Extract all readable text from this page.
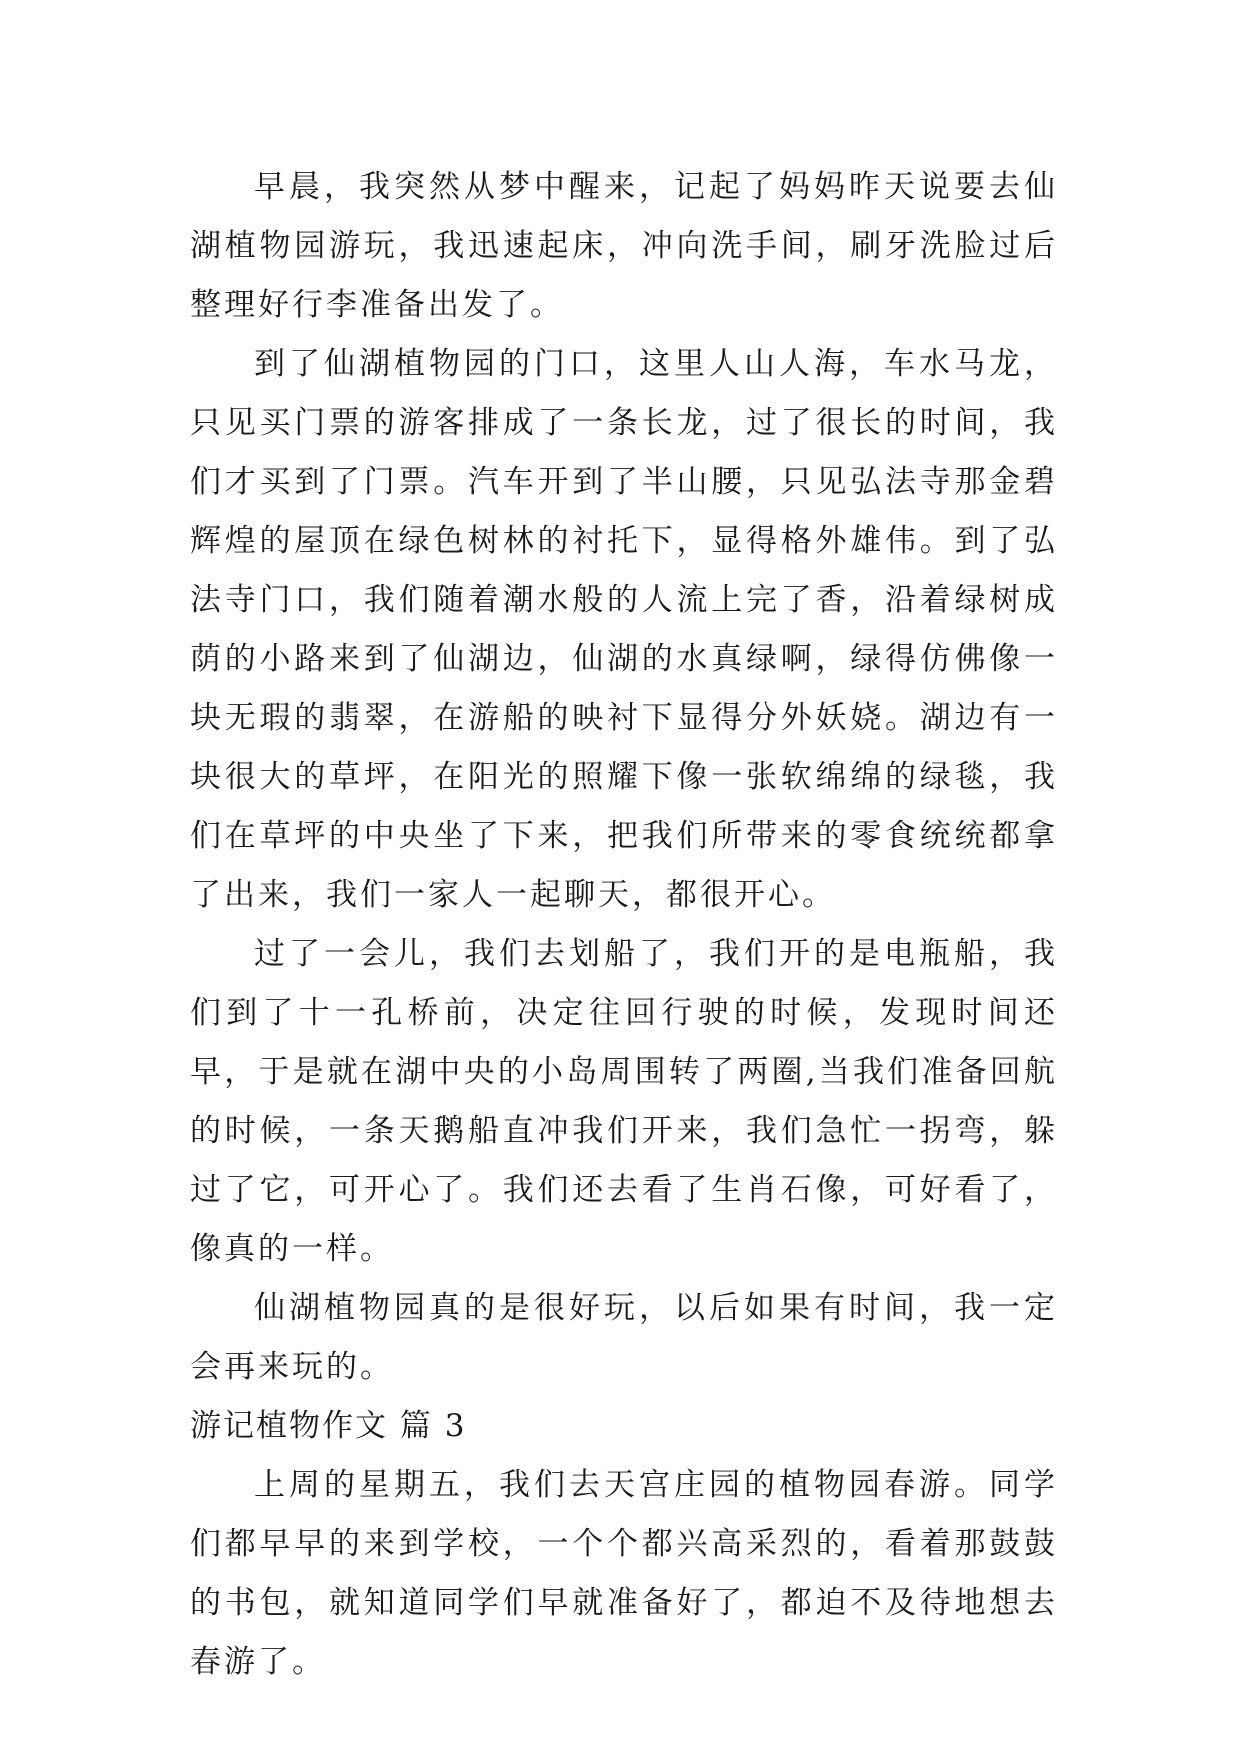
早晨，我突然从梦中醒来，记起了妈妈昨天说要去仙湖植物园游玩，我迅速起床，冲向洗手间，刷牙洗脸过后整理好行李准备出发了。

到了仙湖植物园的门口，这里人山人海，车水马龙，只见买门票的游客排成了一条长龙，过了很长的时间，我们才买到了门票。汽车开到了半山腰，只见弘法寺那金碧辉煌的屋顶在绿色树林的衬托下，显得格外雄伟。到了弘法寺门口，我们随着潮水般的人流上完了香，沿着绿树成荫的小路来到了仙湖边，仙湖的水真绿啊，绿得仿佛像一块无瑕的翡翠，在游船的映衬下显得分外妖娆。湖边有一块很大的草坪，在阳光的照耀下像一张软绵绵的绿毯，我们在草坪的中央坐了下来，把我们所带来的零食统统都拿了出来，我们一家人一起聊天，都很开心。

过了一会儿，我们去划船了，我们开的是电瓶船，我们到了十一孔桥前，决定往回行驶的时候，发现时间还早，于是就在湖中央的小岛周围转了两圈,当我们准备回航的时候，一条天鹅船直冲我们开来，我们急忙一拐弯，躲过了它，可开心了。我们还去看了生肖石像，可好看了，像真的一样。

仙湖植物园真的是很好玩，以后如果有时间，我一定会再来玩的。

游记植物作文 篇 3

上周的星期五，我们去天宫庄园的植物园春游。同学们都早早的来到学校，一个个都兴高采烈的，看着那鼓鼓的书包，就知道同学们早就准备好了，都迫不及待地想去春游了。
